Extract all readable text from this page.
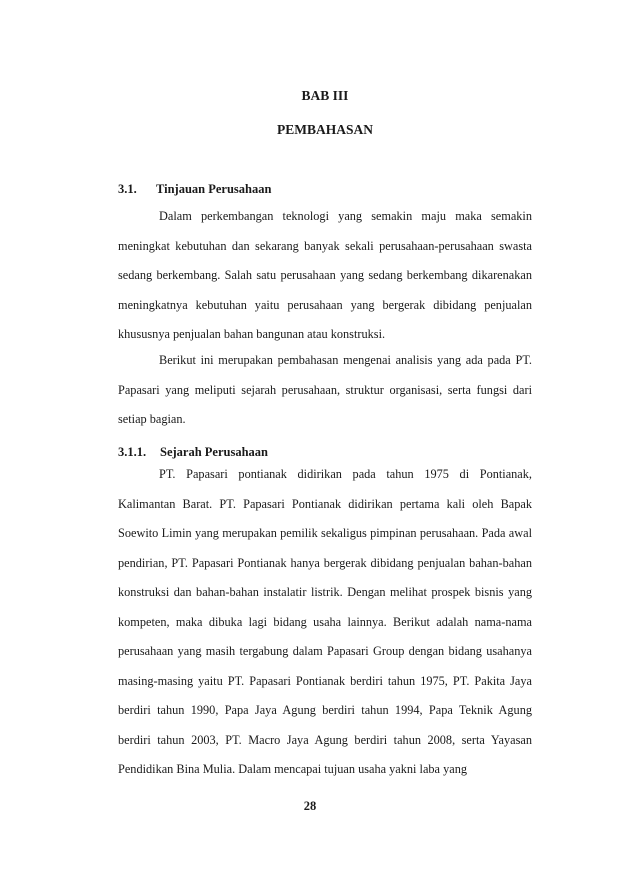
BAB III
PEMBAHASAN
3.1. Tinjauan Perusahaan

Dalam perkembangan teknologi yang semakin maju maka semakin meningkat kebutuhan dan sekarang banyak sekali perusahaan-perusahaan swasta sedang berkembang. Salah satu perusahaan yang sedang berkembang dikarenakan meningkatnya kebutuhan yaitu perusahaan yang bergerak dibidang penjualan khususnya penjualan bahan bangunan atau konstruksi.

Berikut ini merupakan pembahasan mengenai analisis yang ada pada PT. Papasari yang meliputi sejarah perusahaan, struktur organisasi, serta fungsi dari setiap bagian.

3.1.1. Sejarah Perusahaan

PT. Papasari pontianak didirikan pada tahun 1975 di Pontianak, Kalimantan Barat. PT. Papasari Pontianak didirikan pertama kali oleh Bapak Soewito Limin yang merupakan pemilik sekaligus pimpinan perusahaan. Pada awal pendirian, PT. Papasari Pontianak hanya bergerak dibidang penjualan bahan-bahan konstruksi dan bahan-bahan instalatir listrik. Dengan melihat prospek bisnis yang kompeten, maka dibuka lagi bidang usaha lainnya. Berikut adalah nama-nama perusahaan yang masih tergabung dalam Papasari Group dengan bidang usahanya masing-masing yaitu PT. Papasari Pontianak berdiri tahun 1975, PT. Pakita Jaya berdiri tahun 1990, Papa Jaya Agung berdiri tahun 1994, Papa Teknik Agung berdiri tahun 2003, PT. Macro Jaya Agung berdiri tahun 2008, serta Yayasan Pendidikan Bina Mulia. Dalam mencapai tujuan usaha yakni laba yang

28
